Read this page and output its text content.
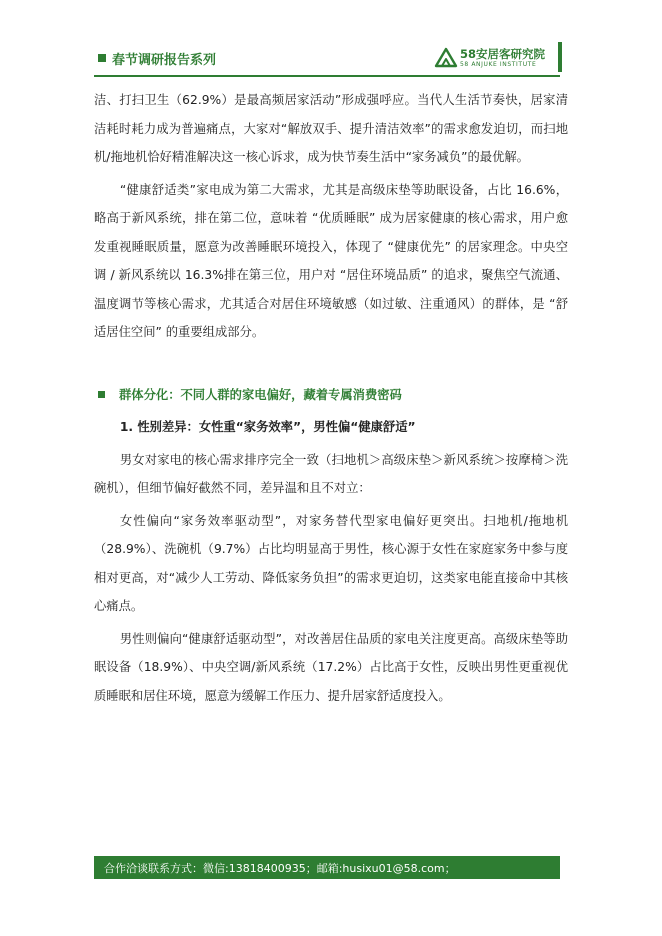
春节调研报告系列	58安居客研究院
58 ANJUKE INSTITUTE

洁、打扫卫生（62.9%）是最高频居家活动”形成强呼应。当代人生活节奏快，居家清洁耗时耗力成为普遍痛点，大家对“解放双手、提升清洁效率”的需求愈发迫切，而扫地机/拖地机恰好精准解决这一核心诉求，成为快节奏生活中“家务减负”的最优解。

“健康舒适类”家电成为第二大需求，尤其是高级床垫等助眠设备，占比 16.6%，略高于新风系统，排在第二位，意味着 “优质睡眠” 成为居家健康的核心需求，用户愈发重视睡眠质量，愿意为改善睡眠环境投入，体现了 “健康优先” 的居家理念。中央空调 / 新风系统以 16.3%排在第三位，用户对 “居住环境品质” 的追求，聚焦空气流通、温度调节等核心需求，尤其适合对居住环境敏感（如过敏、注重通风）的群体，是 “舒适居住空间” 的重要组成部分。

群体分化：不同人群的家电偏好，藏着专属消费密码

1. 性别差异：女性重“家务效率”，男性偏“健康舒适”

男女对家电的核心需求排序完全一致（扫地机＞高级床垫＞新风系统＞按摩椅＞洗碗机），但细节偏好截然不同，差异温和且不对立：

女性偏向“家务效率驱动型”，对家务替代型家电偏好更突出。扫地机/拖地机（28.9%）、洗碗机（9.7%）占比均明显高于男性，核心源于女性在家庭家务中参与度相对更高，对“减少人工劳动、降低家务负担”的需求更迫切，这类家电能直接命中其核心痛点。

男性则偏向“健康舒适驱动型”，对改善居住品质的家电关注度更高。高级床垫等助眠设备（18.9%）、中央空调/新风系统（17.2%）占比高于女性，反映出男性更重视优质睡眠和居住环境，愿意为缓解工作压力、提升居家舒适度投入。

合作洽谈联系方式：微信:13818400935；邮箱:husixu01@58.com；
